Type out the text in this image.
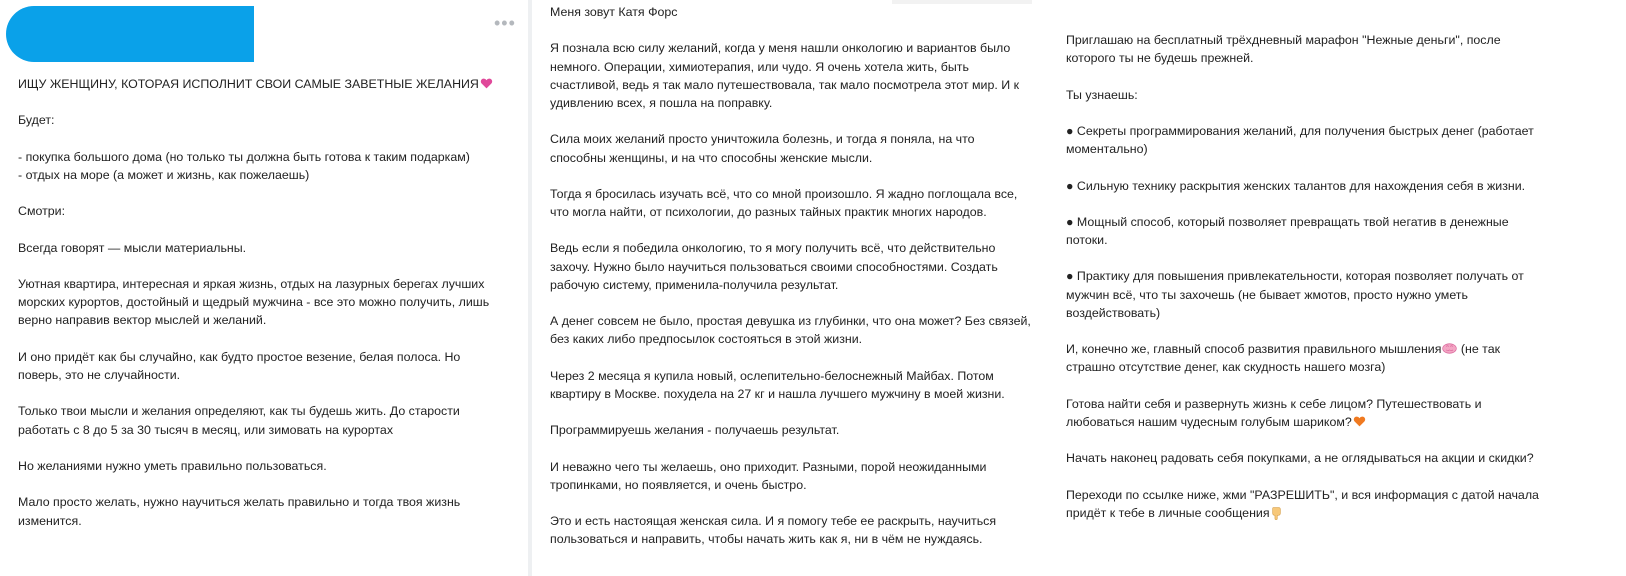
•••
ИЩУ ЖЕНЩИНУ, КОТОРАЯ ИСПОЛНИТ СВОИ САМЫЕ ЗАВЕТНЫЕ ЖЕЛАНИЯ
Будет:
- покупка большого дома (но только ты должна быть готова к таким подаркам)
- отдых на море (а может и жизнь, как пожелаешь)
Смотри:
Всегда говорят — мысли материальны.
Уютная квартира, интересная и яркая жизнь, отдых на лазурных берегах лучших
морских курортов, достойный и щедрый мужчина - все это можно получить, лишь
верно направив вектор мыслей и желаний.
И оно придёт как бы случайно, как будто простое везение, белая полоса. Но
поверь, это не случайности.
Только твои мысли и желания определяют, как ты будешь жить. До старости
работать с 8 до 5 за 30 тысяч в месяц, или зимовать на курортах
Но желаниями нужно уметь правильно пользоваться.
Мало просто желать, нужно научиться желать правильно и тогда твоя жизнь
изменится.
Меня зовут Катя Форс
Я познала всю силу желаний, когда у меня нашли онкологию и вариантов было
немного. Операции, химиотерапия, или чудо. Я очень хотела жить, быть
счастливой, ведь я так мало путешествовала, так мало посмотрела этот мир. И к
удивлению всех, я пошла на поправку.
Сила моих желаний просто уничтожила болезнь, и тогда я поняла, на что
способны женщины, и на что способны женские мысли.
Тогда я бросилась изучать всё, что со мной произошло. Я жадно поглощала все,
что могла найти, от психологии, до разных тайных практик многих народов.
Ведь если я победила онкологию, то я могу получить всё, что действительно
захочу. Нужно было научиться пользоваться своими способностями. Создать
рабочую систему, применила-получила результат.
А денег совсем не было, простая девушка из глубинки, что она может? Без связей,
без каких либо предпосылок состояться в этой жизни.
Через 2 месяца я купила новый, ослепительно-белоснежный Майбах. Потом
квартиру в Москве. похудела на 27 кг и нашла лучшего мужчину в моей жизни.
Программируешь желания - получаешь результат.
И неважно чего ты желаешь, оно приходит. Разными, порой неожиданными
тропинками, но появляется, и очень быстро.
Это и есть настоящая женская сила. И я помогу тебе ее раскрыть, научиться
пользоваться и направить, чтобы начать жить как я, ни в чём не нуждаясь.
Приглашаю на бесплатный трёхдневный марафон "Нежные деньги", после
которого ты не будешь прежней.
Ты узнаешь:
● Секреты программирования желаний, для получения быстрых денег (работает
моментально)
● Сильную технику раскрытия женских талантов для нахождения себя в жизни.
● Мощный способ, который позволяет превращать твой негатив в денежные
потоки.
● Практику для повышения привлекательности, которая позволяет получать от
мужчин всё, что ты захочешь (не бывает жмотов, просто нужно уметь
воздействовать)
И, конечно же, главный способ развития правильного мышления (не так
страшно отсутствие денег, как скудность нашего мозга)
Готова найти себя и развернуть жизнь к себе лицом? Путешествовать и
любоваться нашим чудесным голубым шариком?
Начать наконец радовать себя покупками, а не оглядываться на акции и скидки?
Переходи по ссылке ниже, жми "РАЗРЕШИТЬ", и вся информация с датой начала
придёт к тебе в личные сообщения
